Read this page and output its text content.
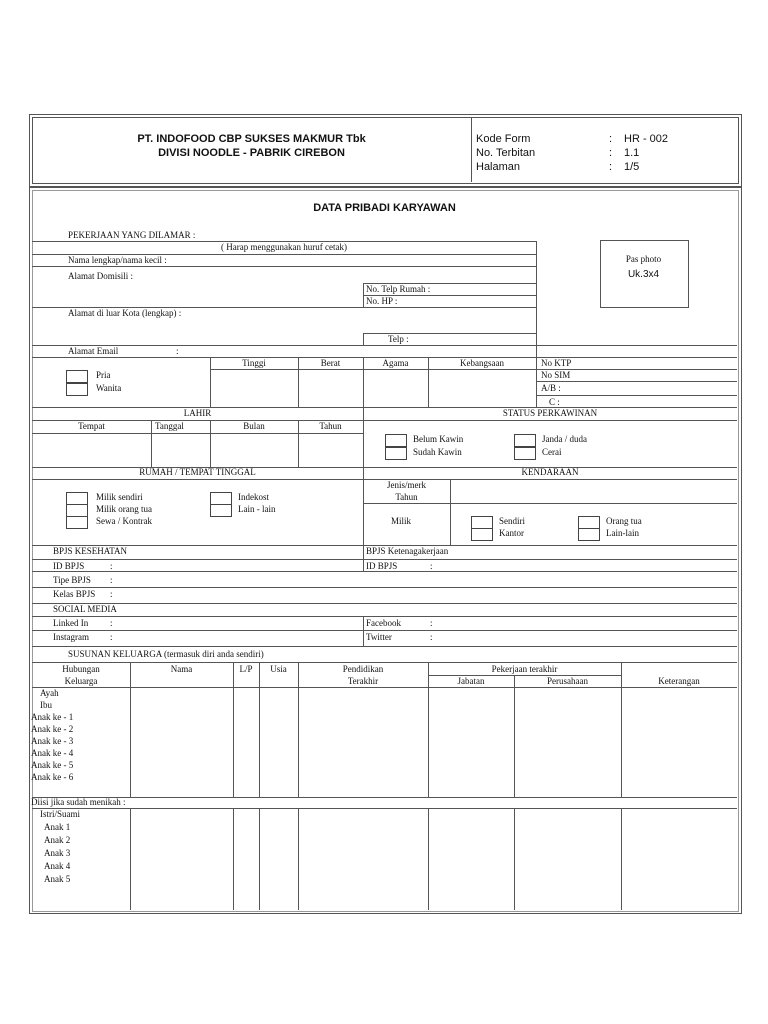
PT. INDOFOOD CBP SUKSES MAKMUR Tbk
DIVISI NOODLE - PABRIK CIREBON
Kode Form	: HR - 002
No. Terbitan	: 1.1
Halaman	: 1/5
DATA PRIBADI KARYAWAN
PEKERJAAN YANG DILAMAR :
( Harap menggunakan huruf cetak)
Nama lengkap/nama kecil :
Alamat Domisili :
No. Telp Rumah :
No. HP :
Alamat di luar Kota (lengkap) :
Telp :
Alamat Email	:
Pas photo
Uk.3x4
Tinggi	Berat	Agama	Kebangsaan	No KTP
No SIM
A/B :
C :
Pria
Wanita
LAHIR	STATUS PERKAWINAN
Tempat	Tanggal	Bulan	Tahun
Belum Kawin
Sudah Kawin
Janda / duda
Cerai
RUMAH / TEMPAT TINGGAL	KENDARAAN
Milik sendiri
Milik orang tua
Sewa / Kontrak
Indekost
Lain - lain
Jenis/merk
Tahun
Milik	Sendiri
Kantor
Orang tua
Lain-lain
BPJS KESEHATAN	BPJS Ketenagakerjaan
ID BPJS	:	ID BPJS	:
Tipe BPJS :
Kelas BPJS :
SOCIAL MEDIA
Linked In :	Facebook	:
Instagram :	Twitter	:
SUSUNAN KELUARGA (termasuk diri anda sendiri)
Hubungan
Keluarga
Nama	L/P	Usia	Pendidikan
Terakhir
Pekerjaan terakhir
Jabatan	Perusahaan	Keterangan
Ayah
Ibu
Anak ke - 1
Anak ke - 2
Anak ke - 3
Anak ke - 4
Anak ke - 5
Anak ke - 6
Diisi jika sudah menikah :
Istri/Suami
Anak 1
Anak 2
Anak 3
Anak 4
Anak 5
